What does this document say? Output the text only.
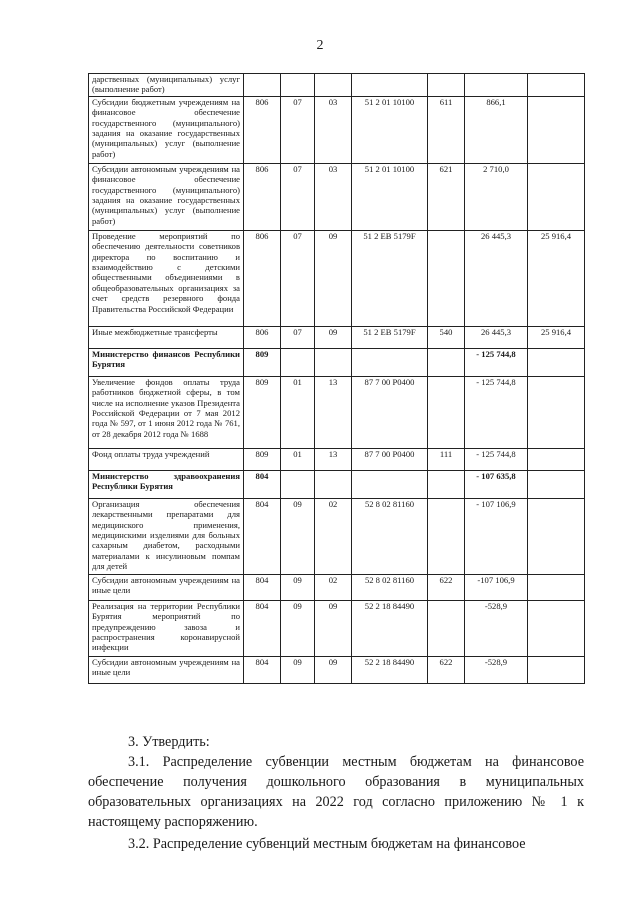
2
дарственных (муниципальных) услуг (выполнение работ)							
Субсидии бюджетным учреждениям на финансовое обеспечение государственного (муниципального) задания на оказание государственных (муниципальных) услуг (выполнение работ)	806	07	03	51 2 01 10100	611	866,1	
Субсидии автономным учреждениям на финансовое обеспечение государственного (муниципального) задания на оказание государственных (муниципальных) услуг (выполнение работ)	806	07	03	51 2 01 10100	621	2 710,0	
Проведение мероприятий по обеспечению деятельности советников директора по воспитанию и взаимодействию с детскими общественными объединениями в общеобразовательных организациях за счет средств резервного фонда Правительства Российской Федерации	806	07	09	51 2 EB 5179F		26 445,3	25 916,4
Иные межбюджетные трансферты	806	07	09	51 2 EB 5179F	540	26 445,3	25 916,4
Министерство финансов Республики Бурятия	809					- 125 744,8	
Увеличение фондов оплаты труда работников бюджетной сферы, в том числе на исполнение указов Президента Российской Федерации от 7 мая 2012 года № 597, от 1 июня 2012 года № 761, от 28 декабря 2012 года № 1688	809	01	13	87 7 00 P0400		- 125 744,8	
Фонд оплаты труда учреждений	809	01	13	87 7 00 P0400	111	- 125 744,8	
Министерство здравоохранения Республики Бурятия	804					- 107 635,8	
Организация обеспечения лекарственными препаратами для медицинского применения, медицинскими изделиями для больных сахарным диабетом, расходными материалами к инсулиновым помпам для детей	804	09	02	52 8 02 81160		- 107 106,9	
Субсидии автономным учреждениям на иные цели	804	09	02	52 8 02 81160	622	-107 106,9	
Реализация на территории Республики Бурятия мероприятий по предупреждению завоза и распространения коронавирусной инфекции	804	09	09	52 2 18 84490		-528,9	
Субсидии автономным учреждениям на иные цели	804	09	09	52 2 18 84490	622	-528,9	
3. Утвердить:
3.1. Распределение субвенции местным бюджетам на финансовое обеспечение получения дошкольного образования в муниципальных образовательных организациях на 2022 год согласно приложению № 1 к настоящему распоряжению.
3.2. Распределение субвенций местным бюджетам на финансовое
